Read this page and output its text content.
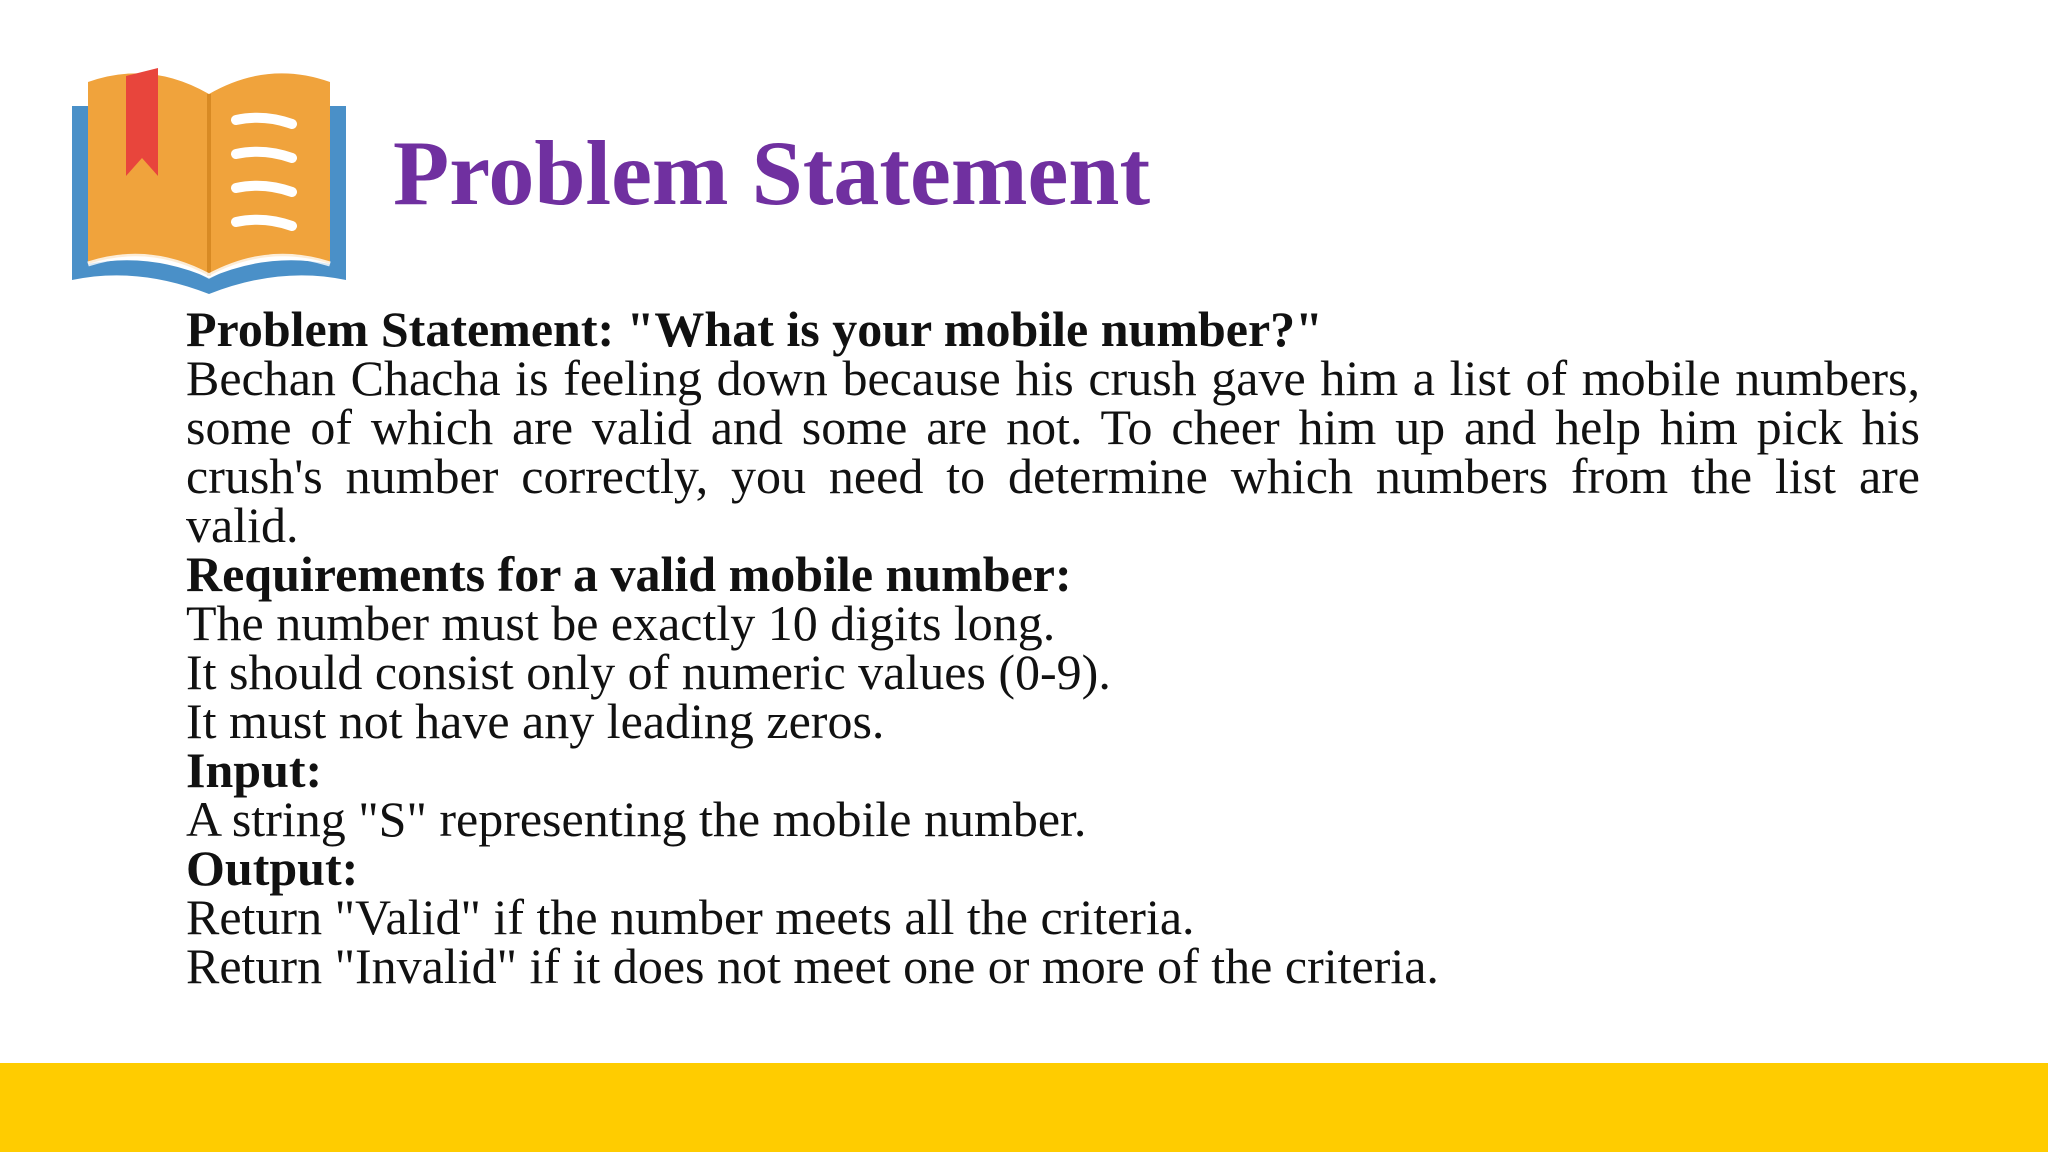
Problem Statement

Problem Statement: "What is your mobile number?"

Bechan Chacha is feeling down because his crush gave him a list of mobile numbers, some of which are valid and some are not. To cheer him up and help him pick his crush's number correctly, you need to determine which numbers from the list are valid.

Requirements for a valid mobile number:

The number must be exactly 10 digits long.

It should consist only of numeric values (0-9).

It must not have any leading zeros.

Input:

A string "S" representing the mobile number.

Output:

Return "Valid" if the number meets all the criteria.

Return "Invalid" if it does not meet one or more of the criteria.
